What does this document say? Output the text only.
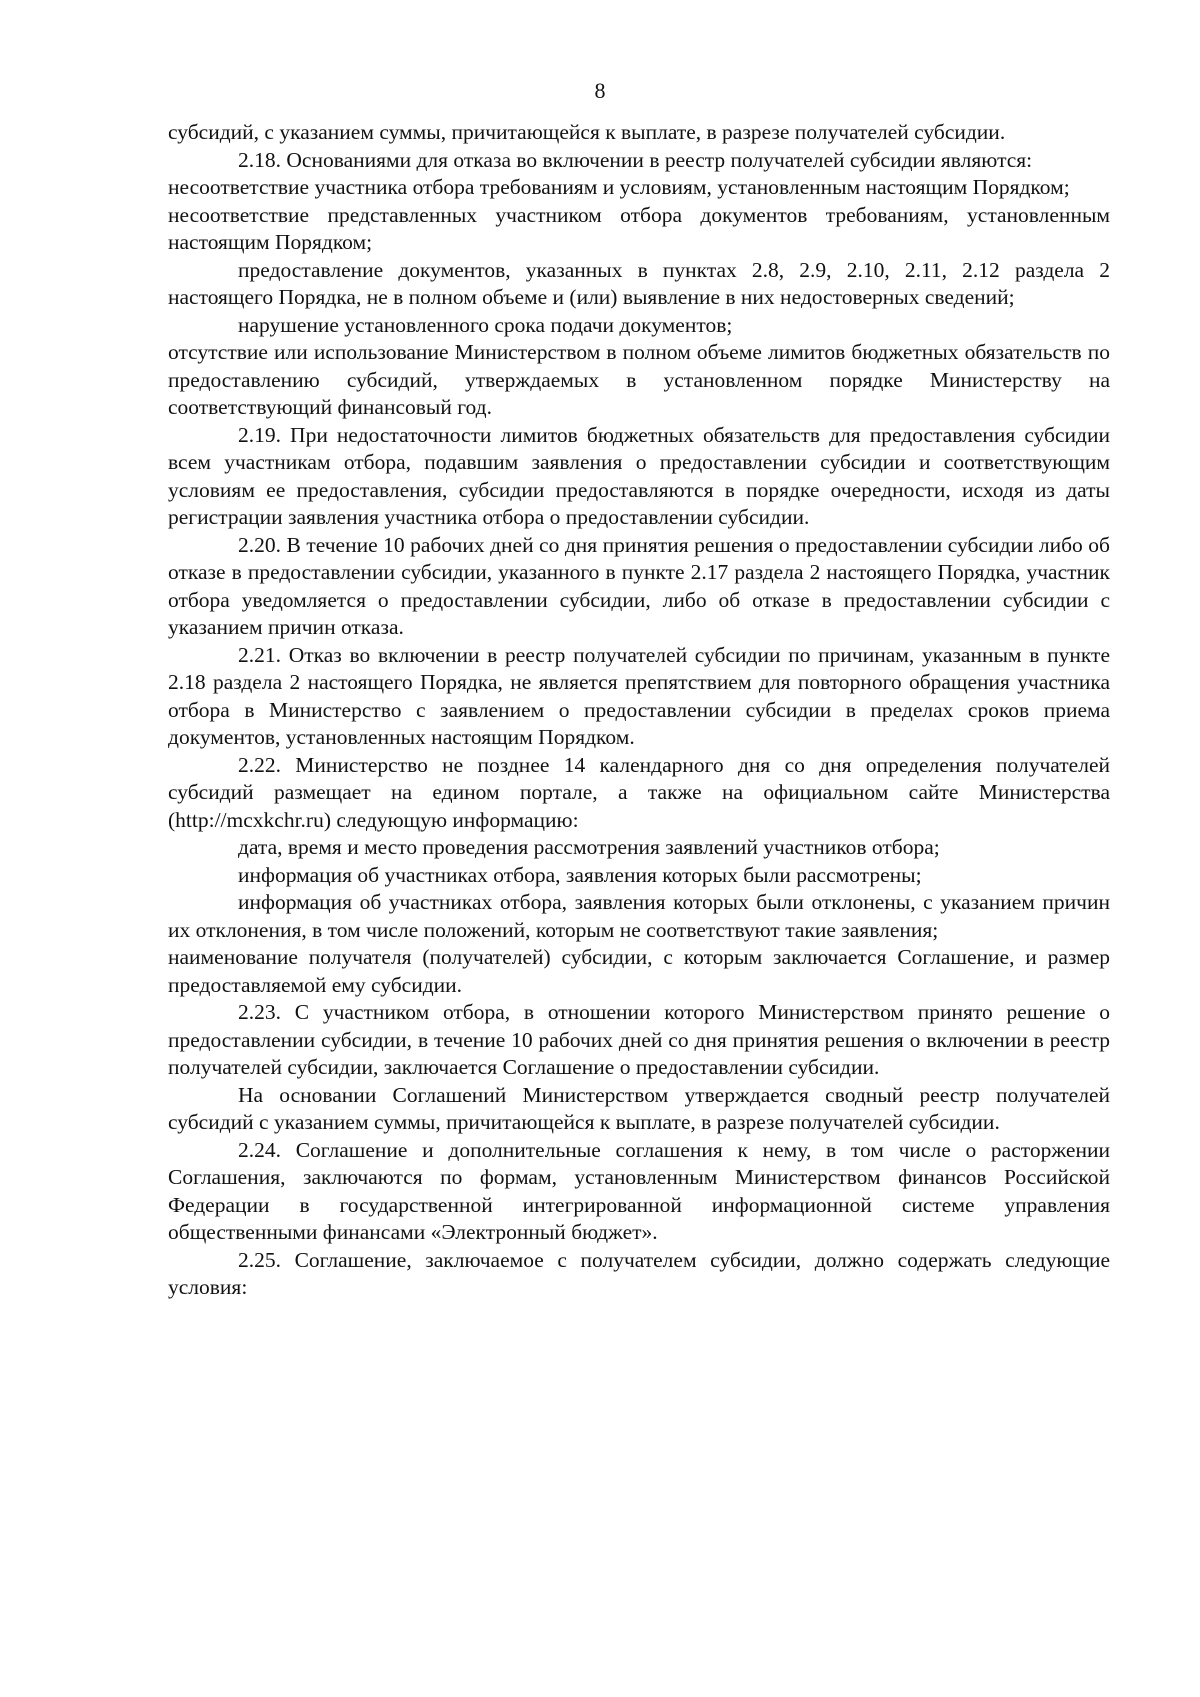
8

субсидий, с указанием суммы, причитающейся к выплате, в разрезе получателей субсидии.

2.18. Основаниями для отказа во включении в реестр получателей субсидии являются:

несоответствие участника отбора требованиям и условиям, установленным настоящим Порядком;

несоответствие представленных участником отбора документов требованиям, установленным настоящим Порядком;

предоставление документов, указанных в пунктах 2.8, 2.9, 2.10, 2.11, 2.12 раздела 2 настоящего Порядка, не в полном объеме и (или) выявление в них недостоверных сведений;

нарушение установленного срока подачи документов;

отсутствие или использование Министерством в полном объеме лимитов бюджетных обязательств по предоставлению субсидий, утверждаемых в установленном порядке Министерству на соответствующий финансовый год.

2.19. При недостаточности лимитов бюджетных обязательств для предоставления субсидии всем участникам отбора, подавшим заявления о предоставлении субсидии и соответствующим условиям ее предоставления, субсидии предоставляются в порядке очередности, исходя из даты регистрации заявления участника отбора о предоставлении субсидии.

2.20. В течение 10 рабочих дней со дня принятия решения о предоставлении субсидии либо об отказе в предоставлении субсидии, указанного в пункте 2.17 раздела 2 настоящего Порядка, участник отбора уведомляется о предоставлении субсидии, либо об отказе в предоставлении субсидии с указанием причин отказа.

2.21. Отказ во включении в реестр получателей субсидии по причинам, указанным в пункте 2.18 раздела 2 настоящего Порядка, не является препятствием для повторного обращения участника отбора в Министерство с заявлением о предоставлении субсидии в пределах сроков приема документов, установленных настоящим Порядком.

2.22. Министерство не позднее 14 календарного дня со дня определения получателей субсидий размещает на едином портале, а также на официальном сайте Министерства (http://mcxkchr.ru) следующую информацию:

дата, время и место проведения рассмотрения заявлений участников отбора;

информация об участниках отбора, заявления которых были рассмотрены;

информация об участниках отбора, заявления которых были отклонены, с указанием причин их отклонения, в том числе положений, которым не соответствуют такие заявления;

наименование получателя (получателей) субсидии, с которым заключается Соглашение, и размер предоставляемой ему субсидии.

2.23. С участником отбора, в отношении которого Министерством принято решение о предоставлении субсидии, в течение 10 рабочих дней со дня принятия решения о включении в реестр получателей субсидии, заключается Соглашение о предоставлении субсидии.

На основании Соглашений Министерством утверждается сводный реестр получателей субсидий с указанием суммы, причитающейся к выплате, в разрезе получателей субсидии.

2.24. Соглашение и дополнительные соглашения к нему, в том числе о расторжении Соглашения, заключаются по формам, установленным Министерством финансов Российской Федерации в государственной интегрированной информационной системе управления общественными финансами «Электронный бюджет».

2.25. Соглашение, заключаемое с получателем субсидии, должно содержать следующие условия:
